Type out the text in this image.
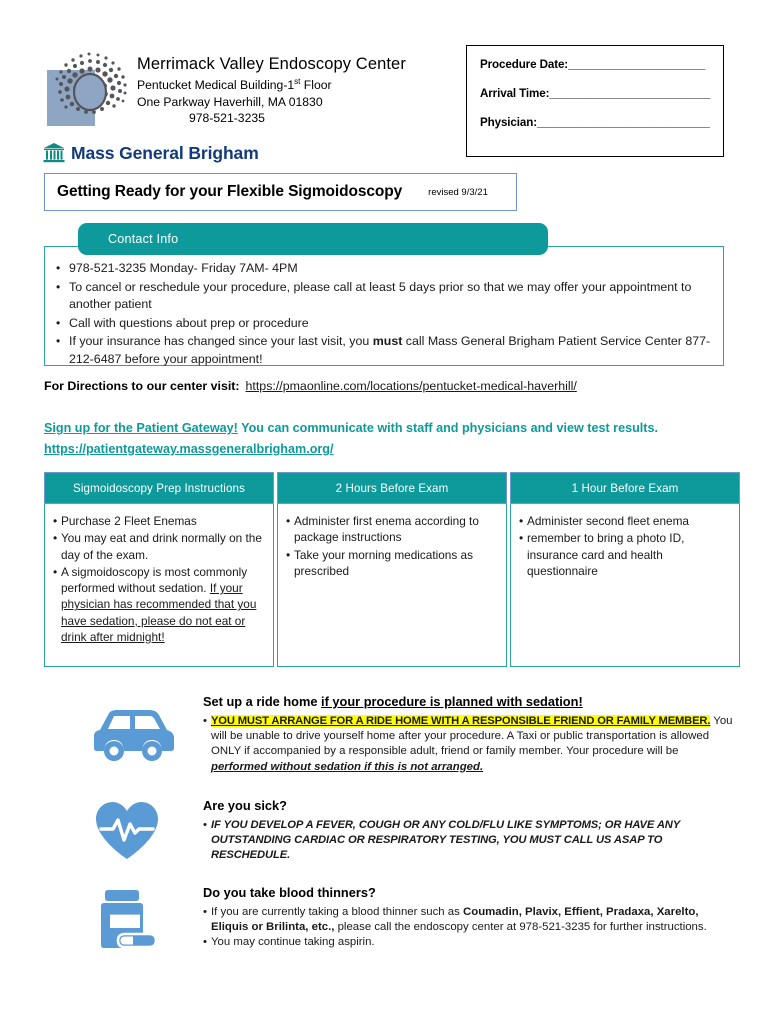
Merrimack Valley Endoscopy Center
Pentucket Medical Building-1st Floor
One Parkway Haverhill, MA 01830
978-521-3235
Mass General Brigham
Procedure Date:_______________________
Arrival Time:___________________________
Physician:_____________________________
Getting Ready for your Flexible Sigmoidoscopy	revised 9/3/21
Contact Info
• 978-521-3235 Monday- Friday 7AM- 4PM
• To cancel or reschedule your procedure, please call at least 5 days prior so that we may offer your appointment to another patient
• Call with questions about prep or procedure
• If your insurance has changed since your last visit, you must call Mass General Brigham Patient Service Center 877-212-6487 before your appointment!
For Directions to our center visit: https://pmaonline.com/locations/pentucket-medical-haverhill/
Sign up for the Patient Gateway! You can communicate with staff and physicians and view test results.
https://patientgateway.massgeneralbrigham.org/
Sigmoidoscopy Prep Instructions
• Purchase 2 Fleet Enemas
• You may eat and drink normally on the day of the exam.
• A sigmoidoscopy is most commonly performed without sedation. If your physician has recommended that you have sedation, please do not eat or drink after midnight!
2 Hours Before Exam
• Administer first enema according to package instructions
• Take your morning medications as prescribed
1 Hour Before Exam
• Administer second fleet enema
• remember to bring a photo ID, insurance card and health questionnaire
Set up a ride home if your procedure is planned with sedation!
• YOU MUST ARRANGE FOR A RIDE HOME WITH A RESPONSIBLE FRIEND OR FAMILY MEMBER. You will be unable to drive yourself home after your procedure. A Taxi or public transportation is allowed ONLY if accompanied by a responsible adult, friend or family member. Your procedure will be performed without sedation if this is not arranged.
Are you sick?
• IF YOU DEVELOP A FEVER, COUGH OR ANY COLD/FLU LIKE SYMPTOMS; OR HAVE ANY OUTSTANDING CARDIAC OR RESPIRATORY TESTING, YOU MUST CALL US ASAP TO RESCHEDULE.
Do you take blood thinners?
• If you are currently taking a blood thinner such as Coumadin, Plavix, Effient, Pradaxa, Xarelto, Eliquis or Brilinta, etc., please call the endoscopy center at 978-521-3235 for further instructions.
• You may continue taking aspirin.
